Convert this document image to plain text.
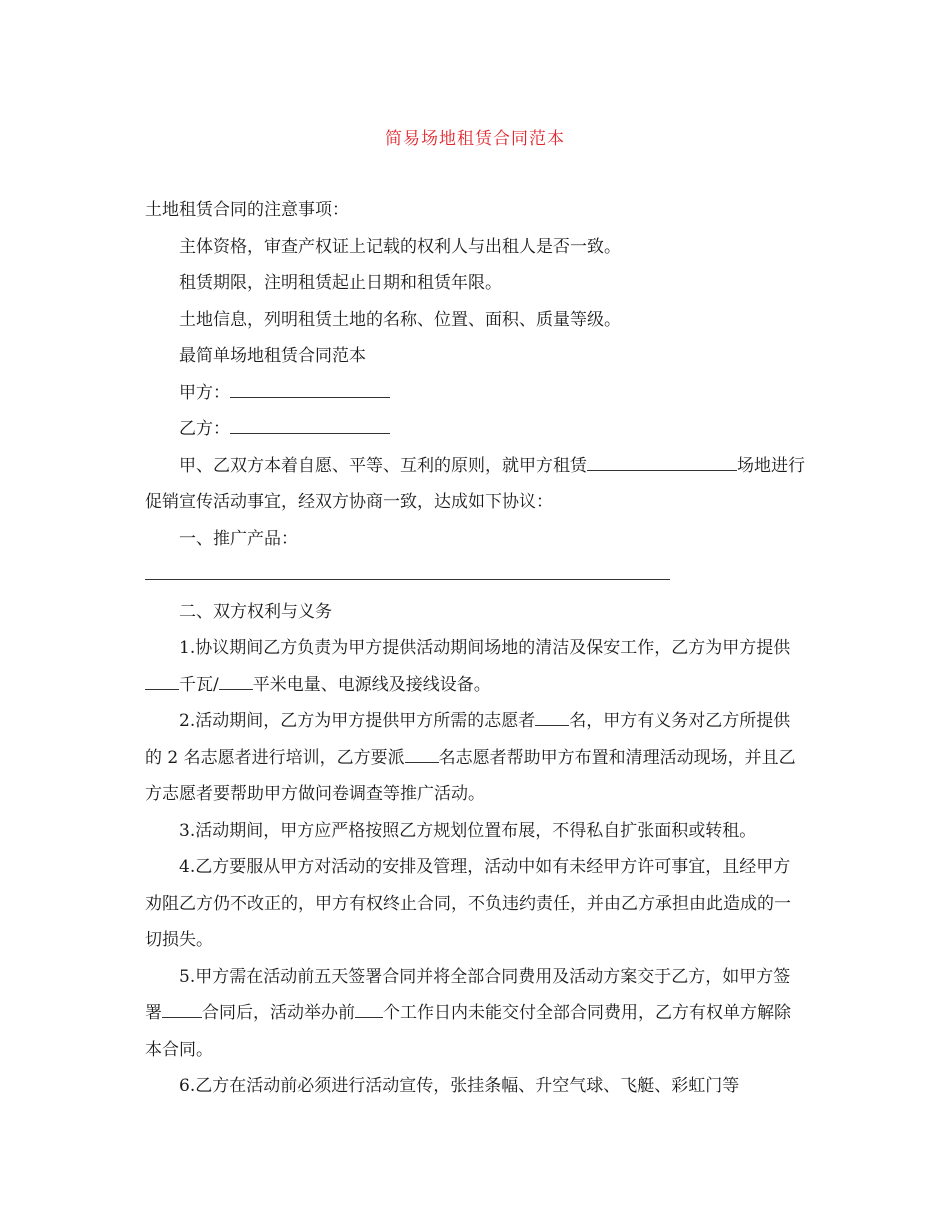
简易场地租赁合同范本

土地租赁合同的注意事项：

主体资格，审查产权证上记载的权利人与出租人是否一致。

租赁期限，注明租赁起止日期和租赁年限。

土地信息，列明租赁土地的名称、位置、面积、质量等级。

最简单场地租赁合同范本

甲方：

乙方：

甲、乙双方本着自愿、平等、互利的原则，就甲方租赁	场地进行促销宣传活动事宜，经双方协商一致，达成如下协议：

一、推广产品：

二、双方权利与义务

1.协议期间乙方负责为甲方提供活动期间场地的清洁及保安工作，乙方为甲方提供千瓦/ 平米电量、电源线及接线设备。

2.活动期间，乙方为甲方提供甲方所需的志愿者 名，甲方有义务对乙方所提供的 2 名志愿者进行培训，乙方要派 名志愿者帮助甲方布置和清理活动现场，并且乙方志愿者要帮助甲方做问卷调查等推广活动。

3.活动期间，甲方应严格按照乙方规划位置布展，不得私自扩张面积或转租。

4.乙方要服从甲方对活动的安排及管理，活动中如有未经甲方许可事宜，且经甲方劝阻乙方仍不改正的，甲方有权终止合同，不负违约责任，并由乙方承担由此造成的一切损失。

5.甲方需在活动前五天签署合同并将全部合同费用及活动方案交于乙方，如甲方签署 合同后，活动举办前 个工作日内未能交付全部合同费用，乙方有权单方解除本合同。

6.乙方在活动前必须进行活动宣传，张挂条幅、升空气球、飞艇、彩虹门等
